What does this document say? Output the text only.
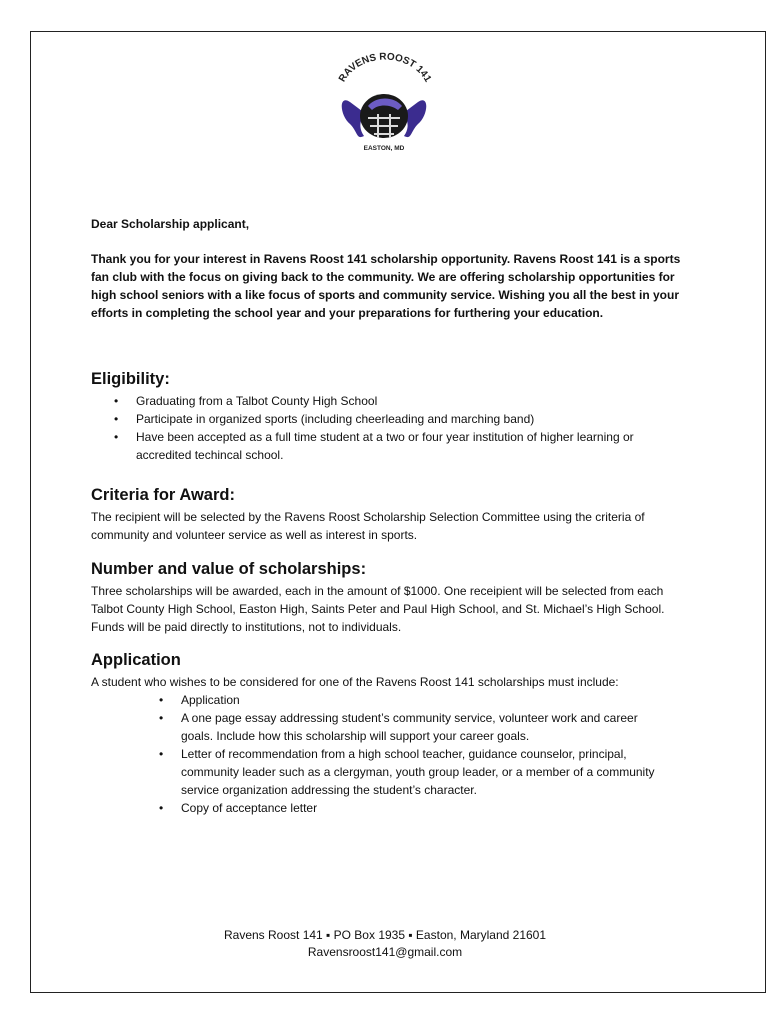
RAVENS ROOST 141
EASTON, MD
Dear Scholarship applicant,
Thank you for your interest in Ravens Roost 141 scholarship opportunity. Ravens Roost 141 is a sports fan club with the focus on giving back to the community. We are offering scholarship opportunities for high school seniors with a like focus of sports and community service. Wishing you all the best in your efforts in completing the school year and your preparations for furthering your education.
Eligibility:
• Graduating from a Talbot County High School
• Participate in organized sports (including cheerleading and marching band)
• Have been accepted as a full time student at a two or four year institution of higher learning or accredited techincal school.
Criteria for Award:
The recipient will be selected by the Ravens Roost Scholarship Selection Committee using the criteria of community and volunteer service as well as interest in sports.
Number and value of scholarships:
Three scholarships will be awarded, each in the amount of $1000. One receipient will be selected from each Talbot County High School, Easton High, Saints Peter and Paul High School, and St. Michael’s High School. Funds will be paid directly to institutions, not to individuals.
Application
A student who wishes to be considered for one of the Ravens Roost 141 scholarships must include:
• Application
• A one page essay addressing student’s community service, volunteer work and career goals. Include how this scholarship will support your career goals.
• Letter of recommendation from a high school teacher, guidance counselor, principal, community leader such as a clergyman, youth group leader, or a member of a community service organization addressing the student’s character.
• Copy of acceptance letter
Ravens Roost 141 ▪ PO Box 1935 ▪ Easton, Maryland 21601
Ravensroost141@gmail.com
